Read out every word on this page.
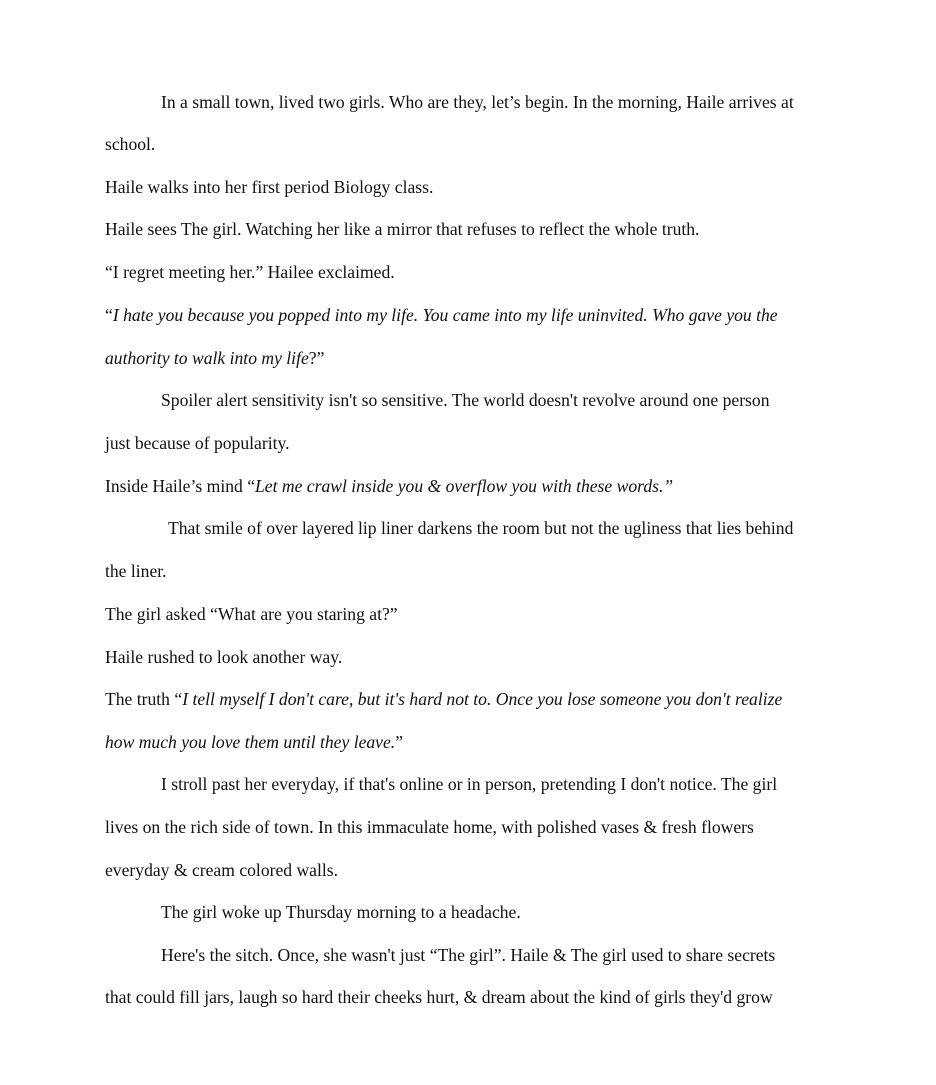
In a small town, lived two girls. Who are they, let’s begin. In the morning, Haile arrives at
school.
Haile walks into her first period Biology class.
Haile sees The girl. Watching her like a mirror that refuses to reflect the whole truth.
“I regret meeting her.” Hailee exclaimed.
“I hate you because you popped into my life. You came into my life uninvited. Who gave you the
authority to walk into my life?”
Spoiler alert sensitivity isn't so sensitive. The world doesn't revolve around one person
just because of popularity.
Inside Haile’s mind “Let me crawl inside you & overflow you with these words.”
That smile of over layered lip liner darkens the room but not the ugliness that lies behind
the liner.
The girl asked “What are you staring at?”
Haile rushed to look another way.
The truth “I tell myself I don't care, but it's hard not to. Once you lose someone you don't realize
how much you love them until they leave.”
I stroll past her everyday, if that's online or in person, pretending I don't notice. The girl
lives on the rich side of town. In this immaculate home, with polished vases & fresh flowers
everyday & cream colored walls.
The girl woke up Thursday morning to a headache.
Here's the sitch. Once, she wasn't just “The girl”. Haile & The girl used to share secrets
that could fill jars, laugh so hard their cheeks hurt, & dream about the kind of girls they'd grow
